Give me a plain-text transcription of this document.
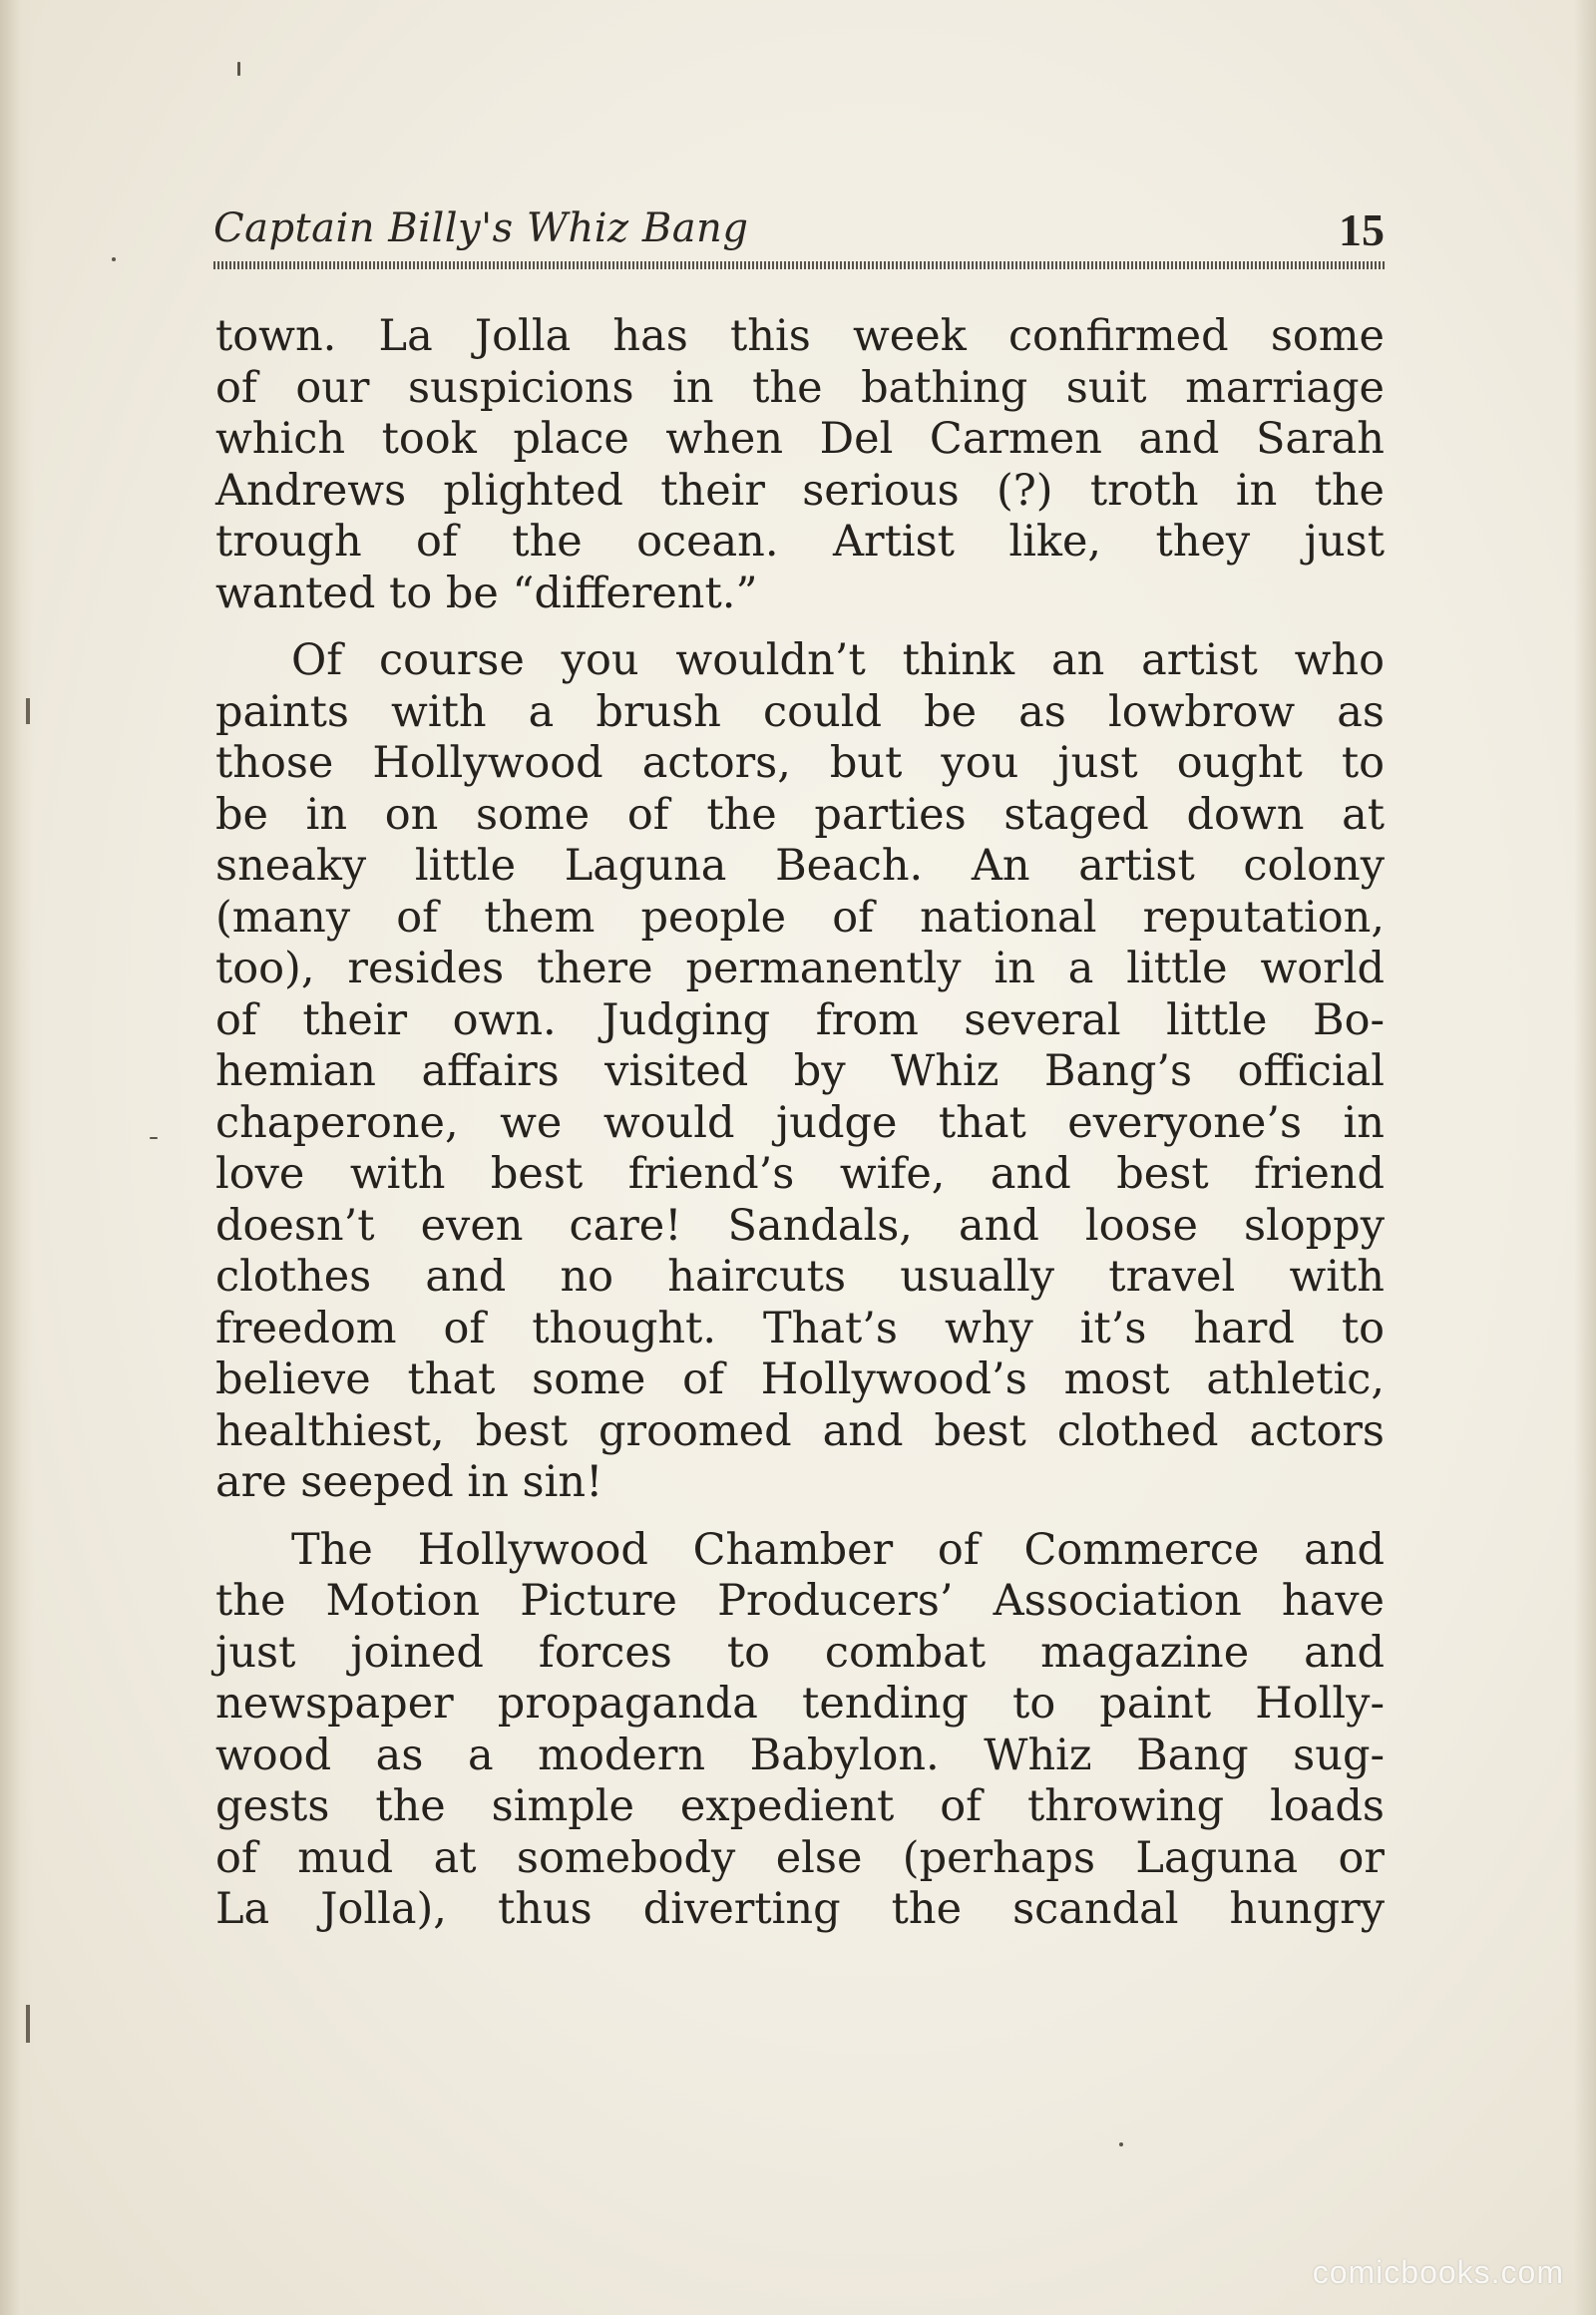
Captain Billy's Whiz Bang	15
town. La Jolla has this week confirmed some
of our suspicions in the bathing suit marriage
which took place when Del Carmen and Sarah
Andrews plighted their serious (?) troth in the
trough of the ocean. Artist like, they just
wanted to be “different.”
Of course you wouldn’t think an artist who
paints with a brush could be as lowbrow as
those Hollywood actors, but you just ought to
be in on some of the parties staged down at
sneaky little Laguna Beach. An artist colony
(many of them people of national reputation,
too), resides there permanently in a little world
of their own. Judging from several little Bo-
hemian affairs visited by Whiz Bang’s official
chaperone, we would judge that everyone’s in
love with best friend’s wife, and best friend
doesn’t even care! Sandals, and loose sloppy
clothes and no haircuts usually travel with
freedom of thought. That’s why it’s hard to
believe that some of Hollywood’s most athletic,
healthiest, best groomed and best clothed actors
are seeped in sin!
The Hollywood Chamber of Commerce and
the Motion Picture Producers’ Association have
just joined forces to combat magazine and
newspaper propaganda tending to paint Holly-
wood as a modern Babylon. Whiz Bang sug-
gests the simple expedient of throwing loads
of mud at somebody else (perhaps Laguna or
La Jolla), thus diverting the scandal hungry
comicbooks.com
